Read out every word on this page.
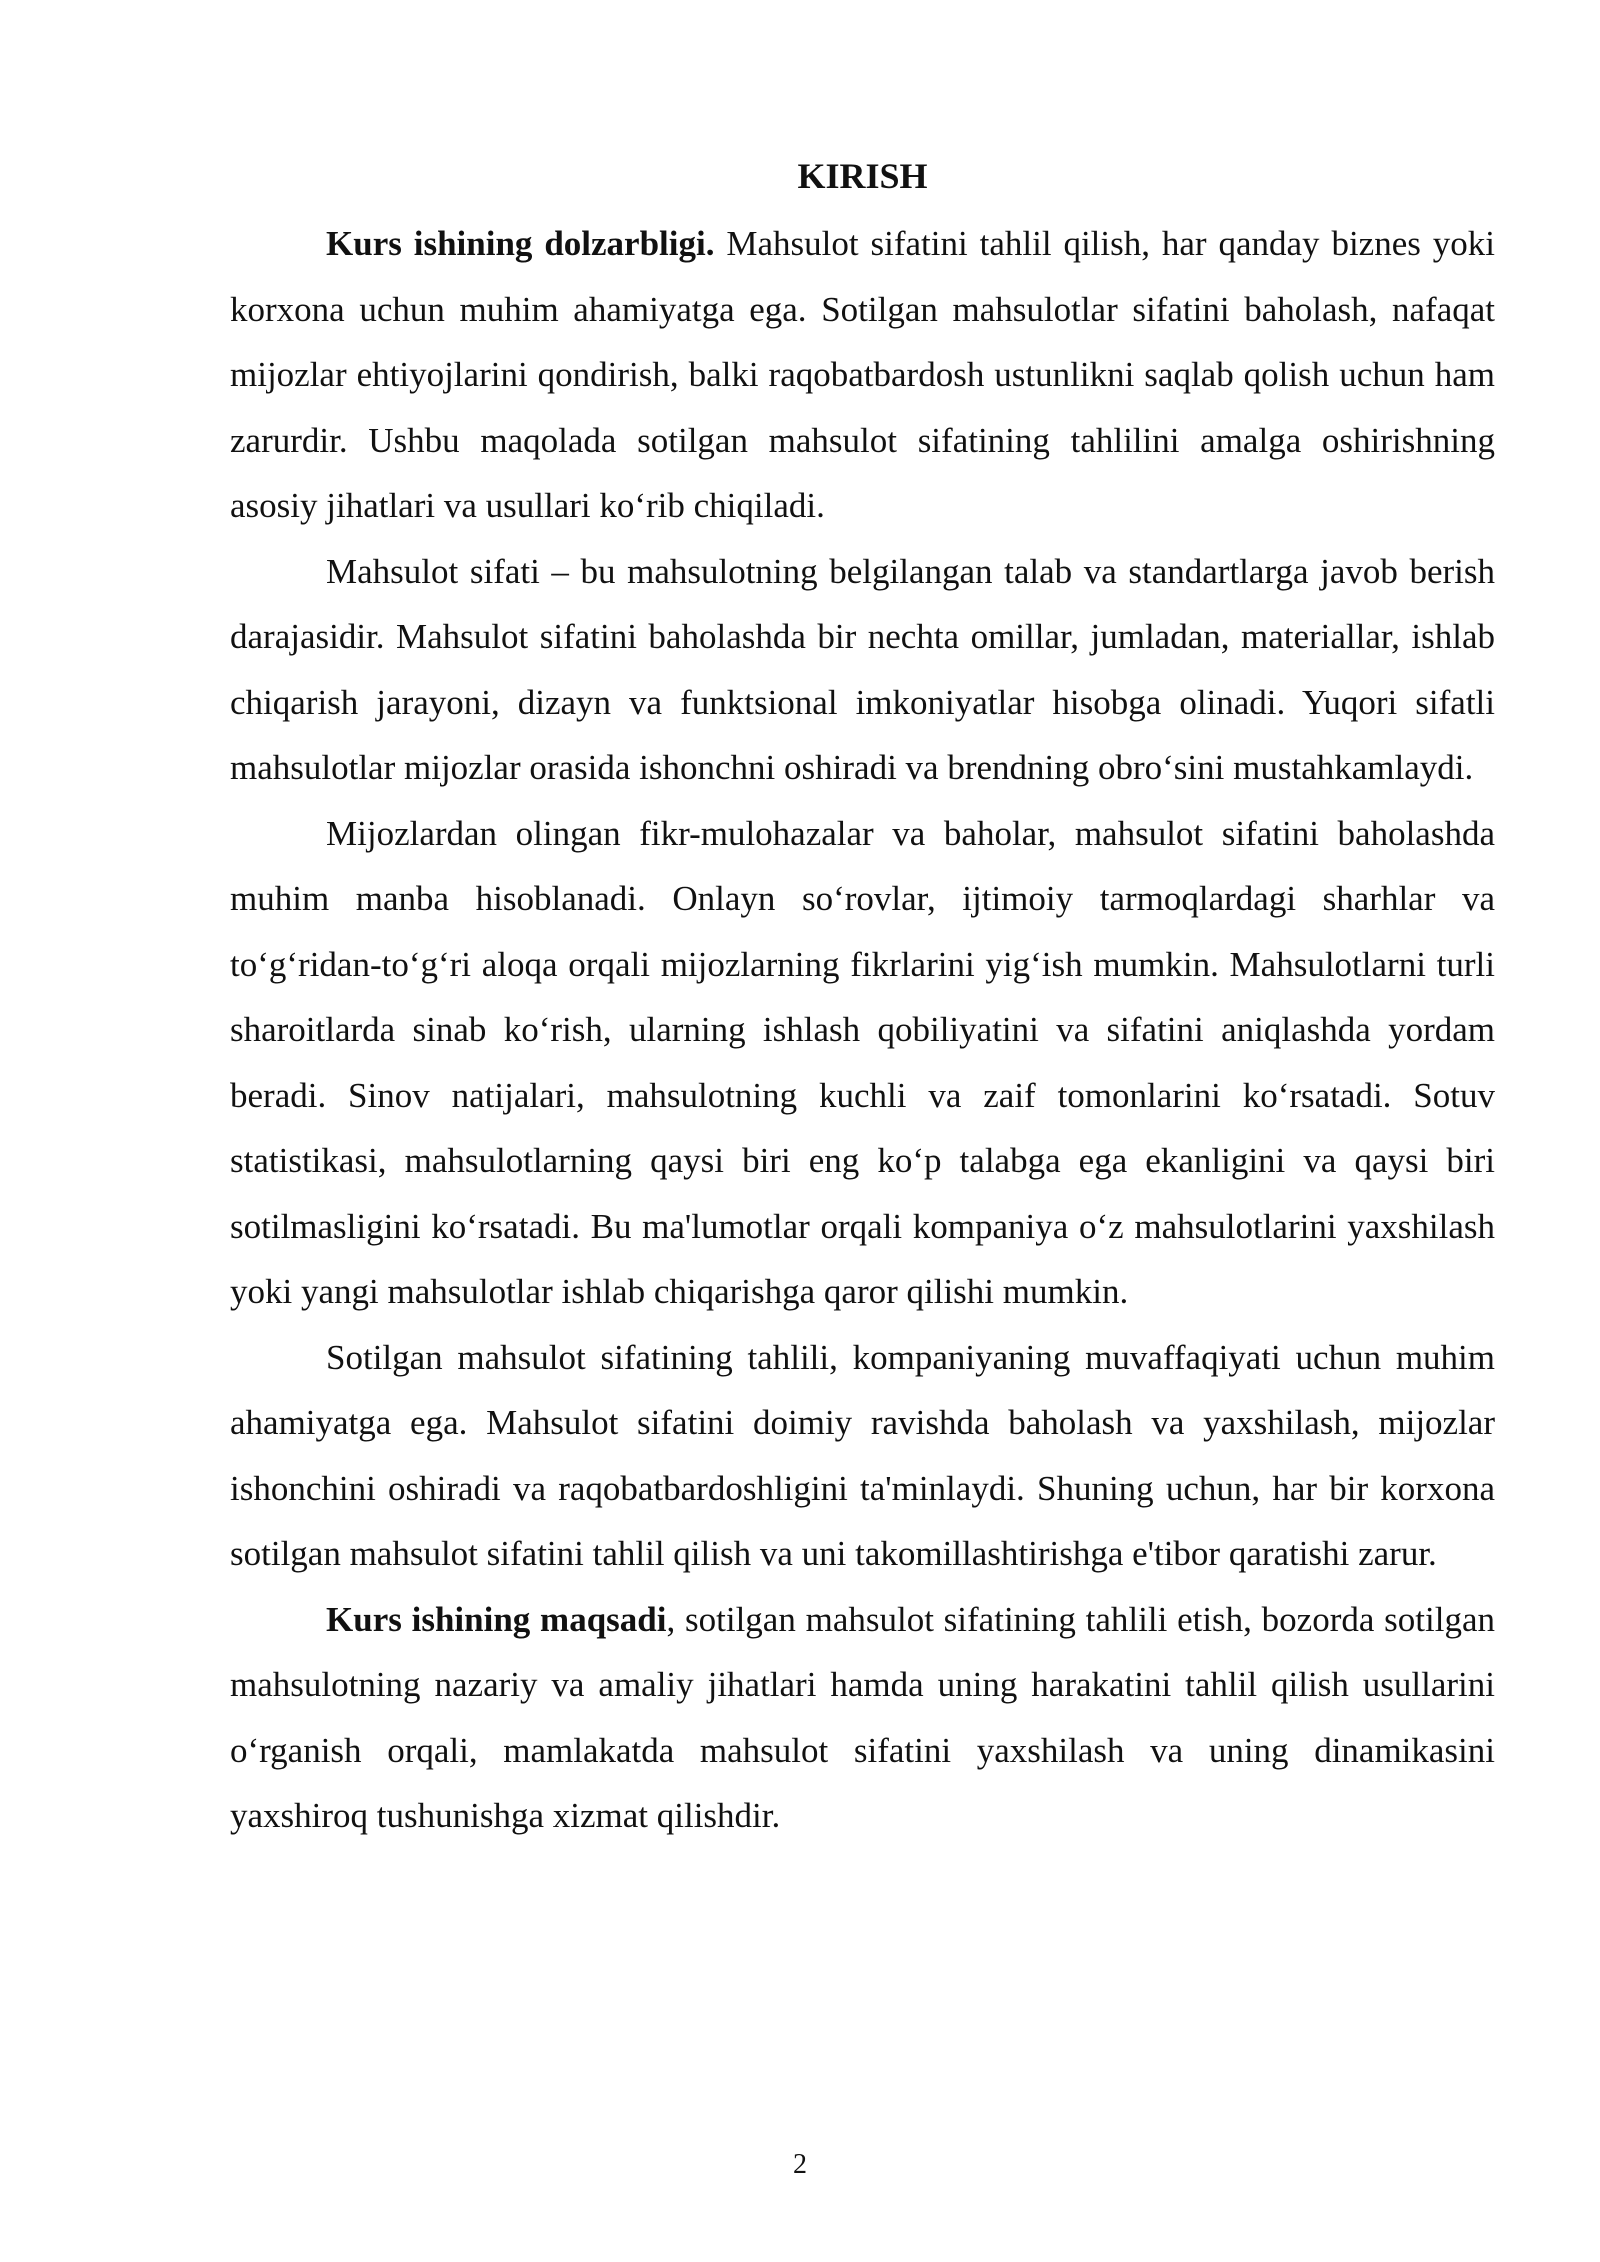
KIRISH

Kurs ishining dolzarbligi. Mahsulot sifatini tahlil qilish, har qanday biznes yoki korxona uchun muhim ahamiyatga ega. Sotilgan mahsulotlar sifatini baholash, nafaqat mijozlar ehtiyojlarini qondirish, balki raqobatbardosh ustunlikni saqlab qolish uchun ham zarurdir. Ushbu maqolada sotilgan mahsulot sifatining tahlilini amalga oshirishning asosiy jihatlari va usullari ko‘rib chiqiladi.

Mahsulot sifati – bu mahsulotning belgilangan talab va standartlarga javob berish darajasidir. Mahsulot sifatini baholashda bir nechta omillar, jumladan, materiallar, ishlab chiqarish jarayoni, dizayn va funktsional imkoniyatlar hisobga olinadi. Yuqori sifatli mahsulotlar mijozlar orasida ishonchni oshiradi va brendning obro‘sini mustahkamlaydi.

Mijozlardan olingan fikr-mulohazalar va baholar, mahsulot sifatini baholashda muhim manba hisoblanadi. Onlayn so‘rovlar, ijtimoiy tarmoqlardagi sharhlar va to‘g‘ridan-to‘g‘ri aloqa orqali mijozlarning fikrlarini yig‘ish mumkin. Mahsulotlarni turli sharoitlarda sinab ko‘rish, ularning ishlash qobiliyatini va sifatini aniqlashda yordam beradi. Sinov natijalari, mahsulotning kuchli va zaif tomonlarini ko‘rsatadi. Sotuv statistikasi, mahsulotlarning qaysi biri eng ko‘p talabga ega ekanligini va qaysi biri sotilmasligini ko‘rsatadi. Bu ma'lumotlar orqali kompaniya o‘z mahsulotlarini yaxshilash yoki yangi mahsulotlar ishlab chiqarishga qaror qilishi mumkin.

Sotilgan mahsulot sifatining tahlili, kompaniyaning muvaffaqiyati uchun muhim ahamiyatga ega. Mahsulot sifatini doimiy ravishda baholash va yaxshilash, mijozlar ishonchini oshiradi va raqobatbardoshligini ta'minlaydi. Shuning uchun, har bir korxona sotilgan mahsulot sifatini tahlil qilish va uni takomillashtirishga e'tibor qaratishi zarur.

Kurs ishining maqsadi, sotilgan mahsulot sifatining tahlili etish, bozorda sotilgan mahsulotning nazariy va amaliy jihatlari hamda uning harakatini tahlil qilish usullarini o‘rganish orqali, mamlakatda mahsulot sifatini yaxshilash va uning dinamikasini yaxshiroq tushunishga xizmat qilishdir.

2
